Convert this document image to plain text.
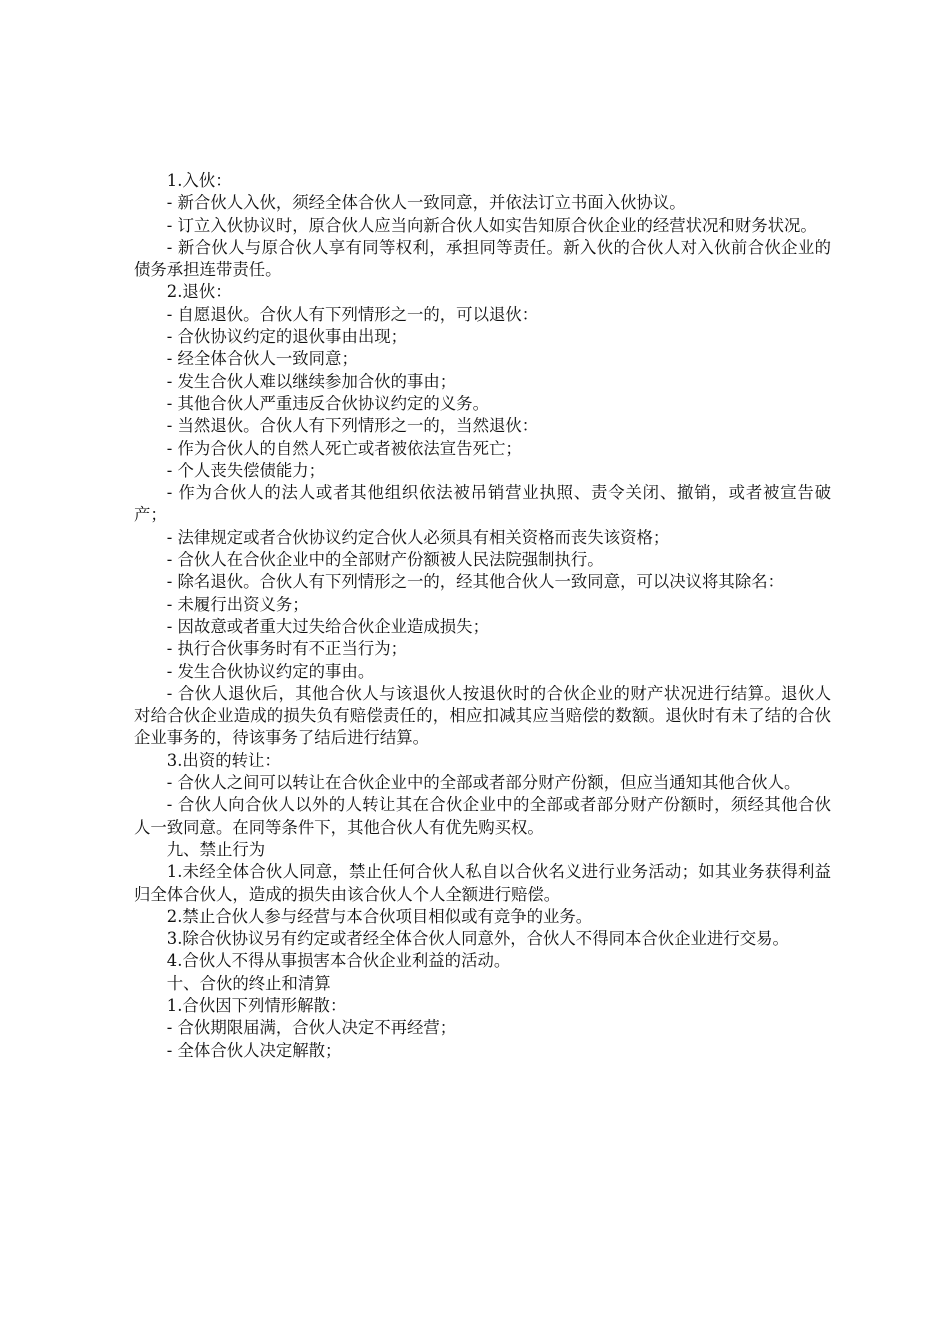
1.入伙：

- 新合伙人入伙，须经全体合伙人一致同意，并依法订立书面入伙协议。

- 订立入伙协议时，原合伙人应当向新合伙人如实告知原合伙企业的经营状况和财务状况。

- 新合伙人与原合伙人享有同等权利，承担同等责任。新入伙的合伙人对入伙前合伙企业的债务承担连带责任。

2.退伙：

- 自愿退伙。合伙人有下列情形之一的，可以退伙：

- 合伙协议约定的退伙事由出现；

- 经全体合伙人一致同意；

- 发生合伙人难以继续参加合伙的事由；

- 其他合伙人严重违反合伙协议约定的义务。

- 当然退伙。合伙人有下列情形之一的，当然退伙：

- 作为合伙人的自然人死亡或者被依法宣告死亡；

- 个人丧失偿债能力；

- 作为合伙人的法人或者其他组织依法被吊销营业执照、责令关闭、撤销，或者被宣告破产；

- 法律规定或者合伙协议约定合伙人必须具有相关资格而丧失该资格；

- 合伙人在合伙企业中的全部财产份额被人民法院强制执行。

- 除名退伙。合伙人有下列情形之一的，经其他合伙人一致同意，可以决议将其除名：

- 未履行出资义务；

- 因故意或者重大过失给合伙企业造成损失；

- 执行合伙事务时有不正当行为；

- 发生合伙协议约定的事由。

- 合伙人退伙后，其他合伙人与该退伙人按退伙时的合伙企业的财产状况进行结算。退伙人对给合伙企业造成的损失负有赔偿责任的，相应扣减其应当赔偿的数额。退伙时有未了结的合伙企业事务的，待该事务了结后进行结算。

3.出资的转让：

- 合伙人之间可以转让在合伙企业中的全部或者部分财产份额，但应当通知其他合伙人。

- 合伙人向合伙人以外的人转让其在合伙企业中的全部或者部分财产份额时，须经其他合伙人一致同意。在同等条件下，其他合伙人有优先购买权。

九、禁止行为

1.未经全体合伙人同意，禁止任何合伙人私自以合伙名义进行业务活动；如其业务获得利益归全体合伙人，造成的损失由该合伙人个人全额进行赔偿。

2.禁止合伙人参与经营与本合伙项目相似或有竞争的业务。

3.除合伙协议另有约定或者经全体合伙人同意外，合伙人不得同本合伙企业进行交易。

4.合伙人不得从事损害本合伙企业利益的活动。

十、合伙的终止和清算

1.合伙因下列情形解散：

- 合伙期限届满，合伙人决定不再经营；

- 全体合伙人决定解散；
